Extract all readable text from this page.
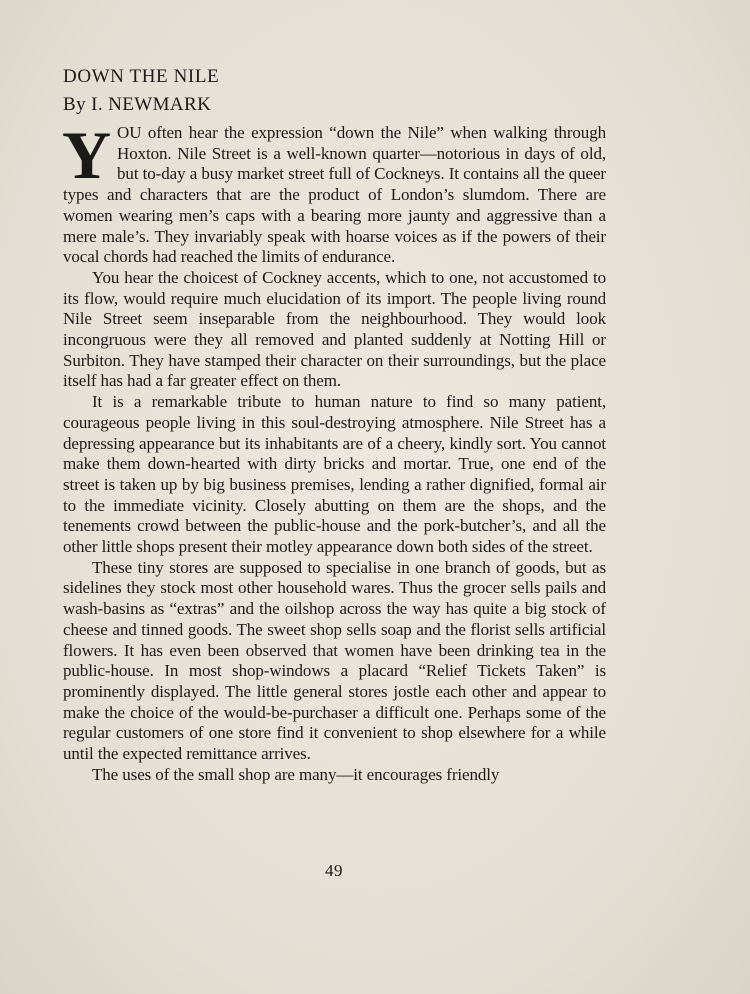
DOWN THE NILE
By I. NEWMARK

YOU often hear the expression “down the Nile” when walking through Hoxton. Nile Street is a well-known quarter—notorious in days of old, but to-day a busy market street full of Cockneys. It contains all the queer types and characters that are the product of London’s slumdom. There are women wearing men’s caps with a bearing more jaunty and aggressive than a mere male’s. They invariably speak with hoarse voices as if the powers of their vocal chords had reached the limits of endurance.

You hear the choicest of Cockney accents, which to one, not accustomed to its flow, would require much elucidation of its import. The people living round Nile Street seem inseparable from the neighbourhood. They would look incongruous were they all removed and planted suddenly at Notting Hill or Surbiton. They have stamped their character on their surroundings, but the place itself has had a far greater effect on them.

It is a remarkable tribute to human nature to find so many patient, courageous people living in this soul-destroying atmosphere. Nile Street has a depressing appearance but its inhabitants are of a cheery, kindly sort. You cannot make them down-hearted with dirty bricks and mortar. True, one end of the street is taken up by big business premises, lending a rather dignified, formal air to the immediate vicinity. Closely abutting on them are the shops, and the tenements crowd between the public-house and the pork-butcher’s, and all the other little shops present their motley appearance down both sides of the street.

These tiny stores are supposed to specialise in one branch of goods, but as sidelines they stock most other household wares. Thus the grocer sells pails and wash-basins as “extras” and the oilshop across the way has quite a big stock of cheese and tinned goods. The sweet shop sells soap and the florist sells artificial flowers. It has even been observed that women have been drinking tea in the public-house. In most shop-windows a placard “Relief Tickets Taken” is prominently displayed. The little general stores jostle each other and appear to make the choice of the would-be-purchaser a difficult one. Perhaps some of the regular customers of one store find it convenient to shop elsewhere for a while until the expected remittance arrives.

The uses of the small shop are many—it encourages friendly

49
